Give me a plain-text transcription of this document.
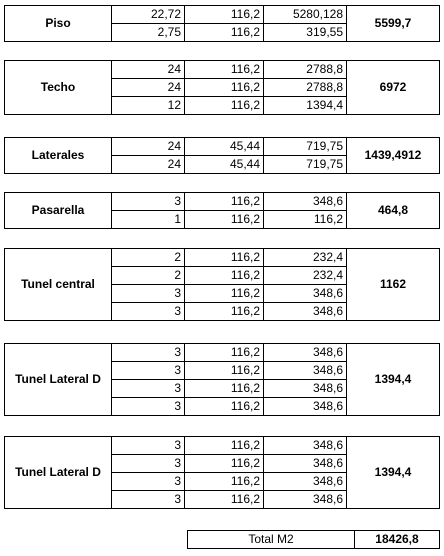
Piso	22,72	116,2	5280,128	5599,7
	2,75	116,2	319,55	
Techo	24	116,2	2788,8	6972
	24	116,2	2788,8	
	12	116,2	1394,4	
Laterales	24	45,44	719,75	1439,4912
	24	45,44	719,75	
Pasarella	3	116,2	348,6	464,8
	1	116,2	116,2	
Tunel central	2	116,2	232,4	1162
	2	116,2	232,4	
	3	116,2	348,6	
	3	116,2	348,6	
Tunel Lateral D	3	116,2	348,6	1394,4
	3	116,2	348,6	
	3	116,2	348,6	
	3	116,2	348,6	
Tunel Lateral D	3	116,2	348,6	1394,4
	3	116,2	348,6	
	3	116,2	348,6	
	3	116,2	348,6	
Total M2	18426,8
